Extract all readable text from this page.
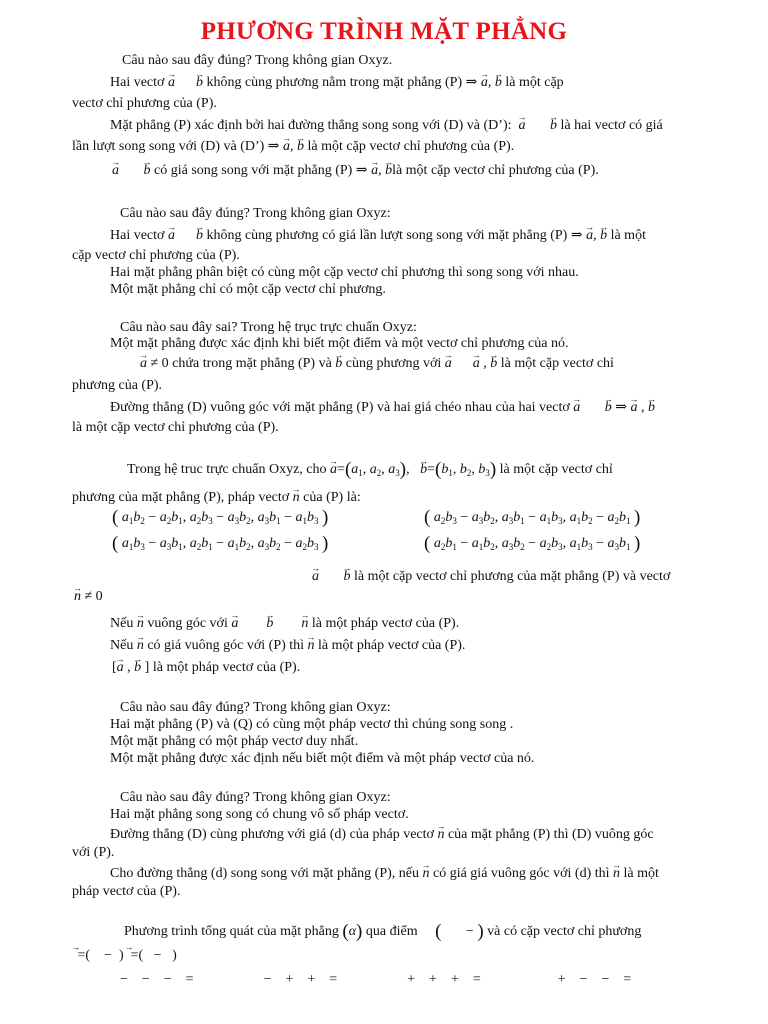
PHƯƠNG TRÌNH MẶT PHẲNG
Câu nào sau đây đúng? Trong không gian Oxyz.
Hai vectơ → a → b không cùng phương nằm trong mặt phẳng (P) ⇒ → a, → b là một cặp
vectơ chỉ phương của (P).
Mặt phẳng (P) xác định bởi hai đường thẳng song song với (D) và (D’): → a → b là hai vectơ có giá
lần lượt song song với (D) và (D’) ⇒ → a, → b là một cặp vectơ chỉ phương của (P).
→ a → b có giá song song với mặt phẳng (P) ⇒ → a, → blà một cặp vectơ chỉ phương của (P).
Câu nào sau đây đúng? Trong không gian Oxyz:
Hai vectơ → a → b không cùng phương có giá lần lượt song song với mặt phẳng (P) ⇒ → a, → b là một
cặp vectơ chỉ phương của (P).
Hai mặt phẳng phân biệt có cùng một cặp vectơ chỉ phương thì song song với nhau.
Một mặt phẳng chỉ có một cặp vectơ chỉ phương.
Câu nào sau đây sai? Trong hệ trục trực chuẩn Oxyz:
Một mặt phẳng được xác định khi biết một điểm và một vectơ chỉ phương của nó.
→ a ≠ 0 chứa trong mặt phẳng (P) và → b cùng phương với → a → a , → b là một cặp vectơ chỉ
phương của (P).
Đường thẳng (D) vuông góc với mặt phẳng (P) và hai giá chéo nhau của hai vectơ → a → b ⇒ → a , → b
là một cặp vectơ chỉ phương của (P).
Trong hệ truc trực chuẩn Oxyz, cho → $a=(a_1$, $a_2$, $a_3$),   → $b=(b_1$, $b_2$, $b_3$) là một cặp vectơ chỉ
phương của mặt phẳng (P), pháp vectơ → n của (P) là:
( $a_1b_2 - a_2b_1$, $a_2b_3 - a_3b_2$, $a_3b_1 - a_1b_3$ )	( $a_2b_3 - a_3b_2$, $a_3b_1 - a_1b_3$, $a_1b_2 - a_2b_1$ )
( $a_1b_3 - a_3b_1$, $a_2b_1 - a_1b_2$, $a_3b_2 - a_2b_3$ )	( $a_2b_1 - a_1b_2$, $a_3b_2 - a_2b_3$, $a_1b_3 - a_3b_1$ )
→ a → b là một cặp vectơ chỉ phương của mặt phẳng (P) và vectơ
→ n ≠ 0
Nếu → n vuông góc với → a → b → n là một pháp vectơ của (P).
Nếu → n có giá vuông góc với (P) thì → n là một pháp vectơ của (P).
[→ a , → b ] là một pháp vectơ của (P).
Câu nào sau đây đúng? Trong không gian Oxyz:
Hai mặt phẳng (P) và (Q) có cùng một pháp vectơ thì chúng song song .
Một mặt phẳng có một pháp vectơ duy nhất.
Một mặt phẳng được xác định nếu biết một điểm và một pháp vectơ của nó.
Câu nào sau đây đúng? Trong không gian Oxyz:
Hai mặt phẳng song song có chung vô số pháp vectơ.
Đường thẳng (D) cùng phương với giá (d) của pháp vectơ → n của mặt phẳng (P) thì (D) vuông góc
với (P).
Cho đường thẳng (d) song song với mặt phẳng (P), nếu → n có giá giá vuông góc với (d) thì → n là một
pháp vectơ của (P).
Phương trình tổng quát của mặt phẳng (α) qua điểm (       − ) và có cặp vectơ chỉ phương
→  =(    −  ) →  =(   −   )
−    −    −    =                    −    +    +    =                    +    +    +    =                      +    −    −    =
